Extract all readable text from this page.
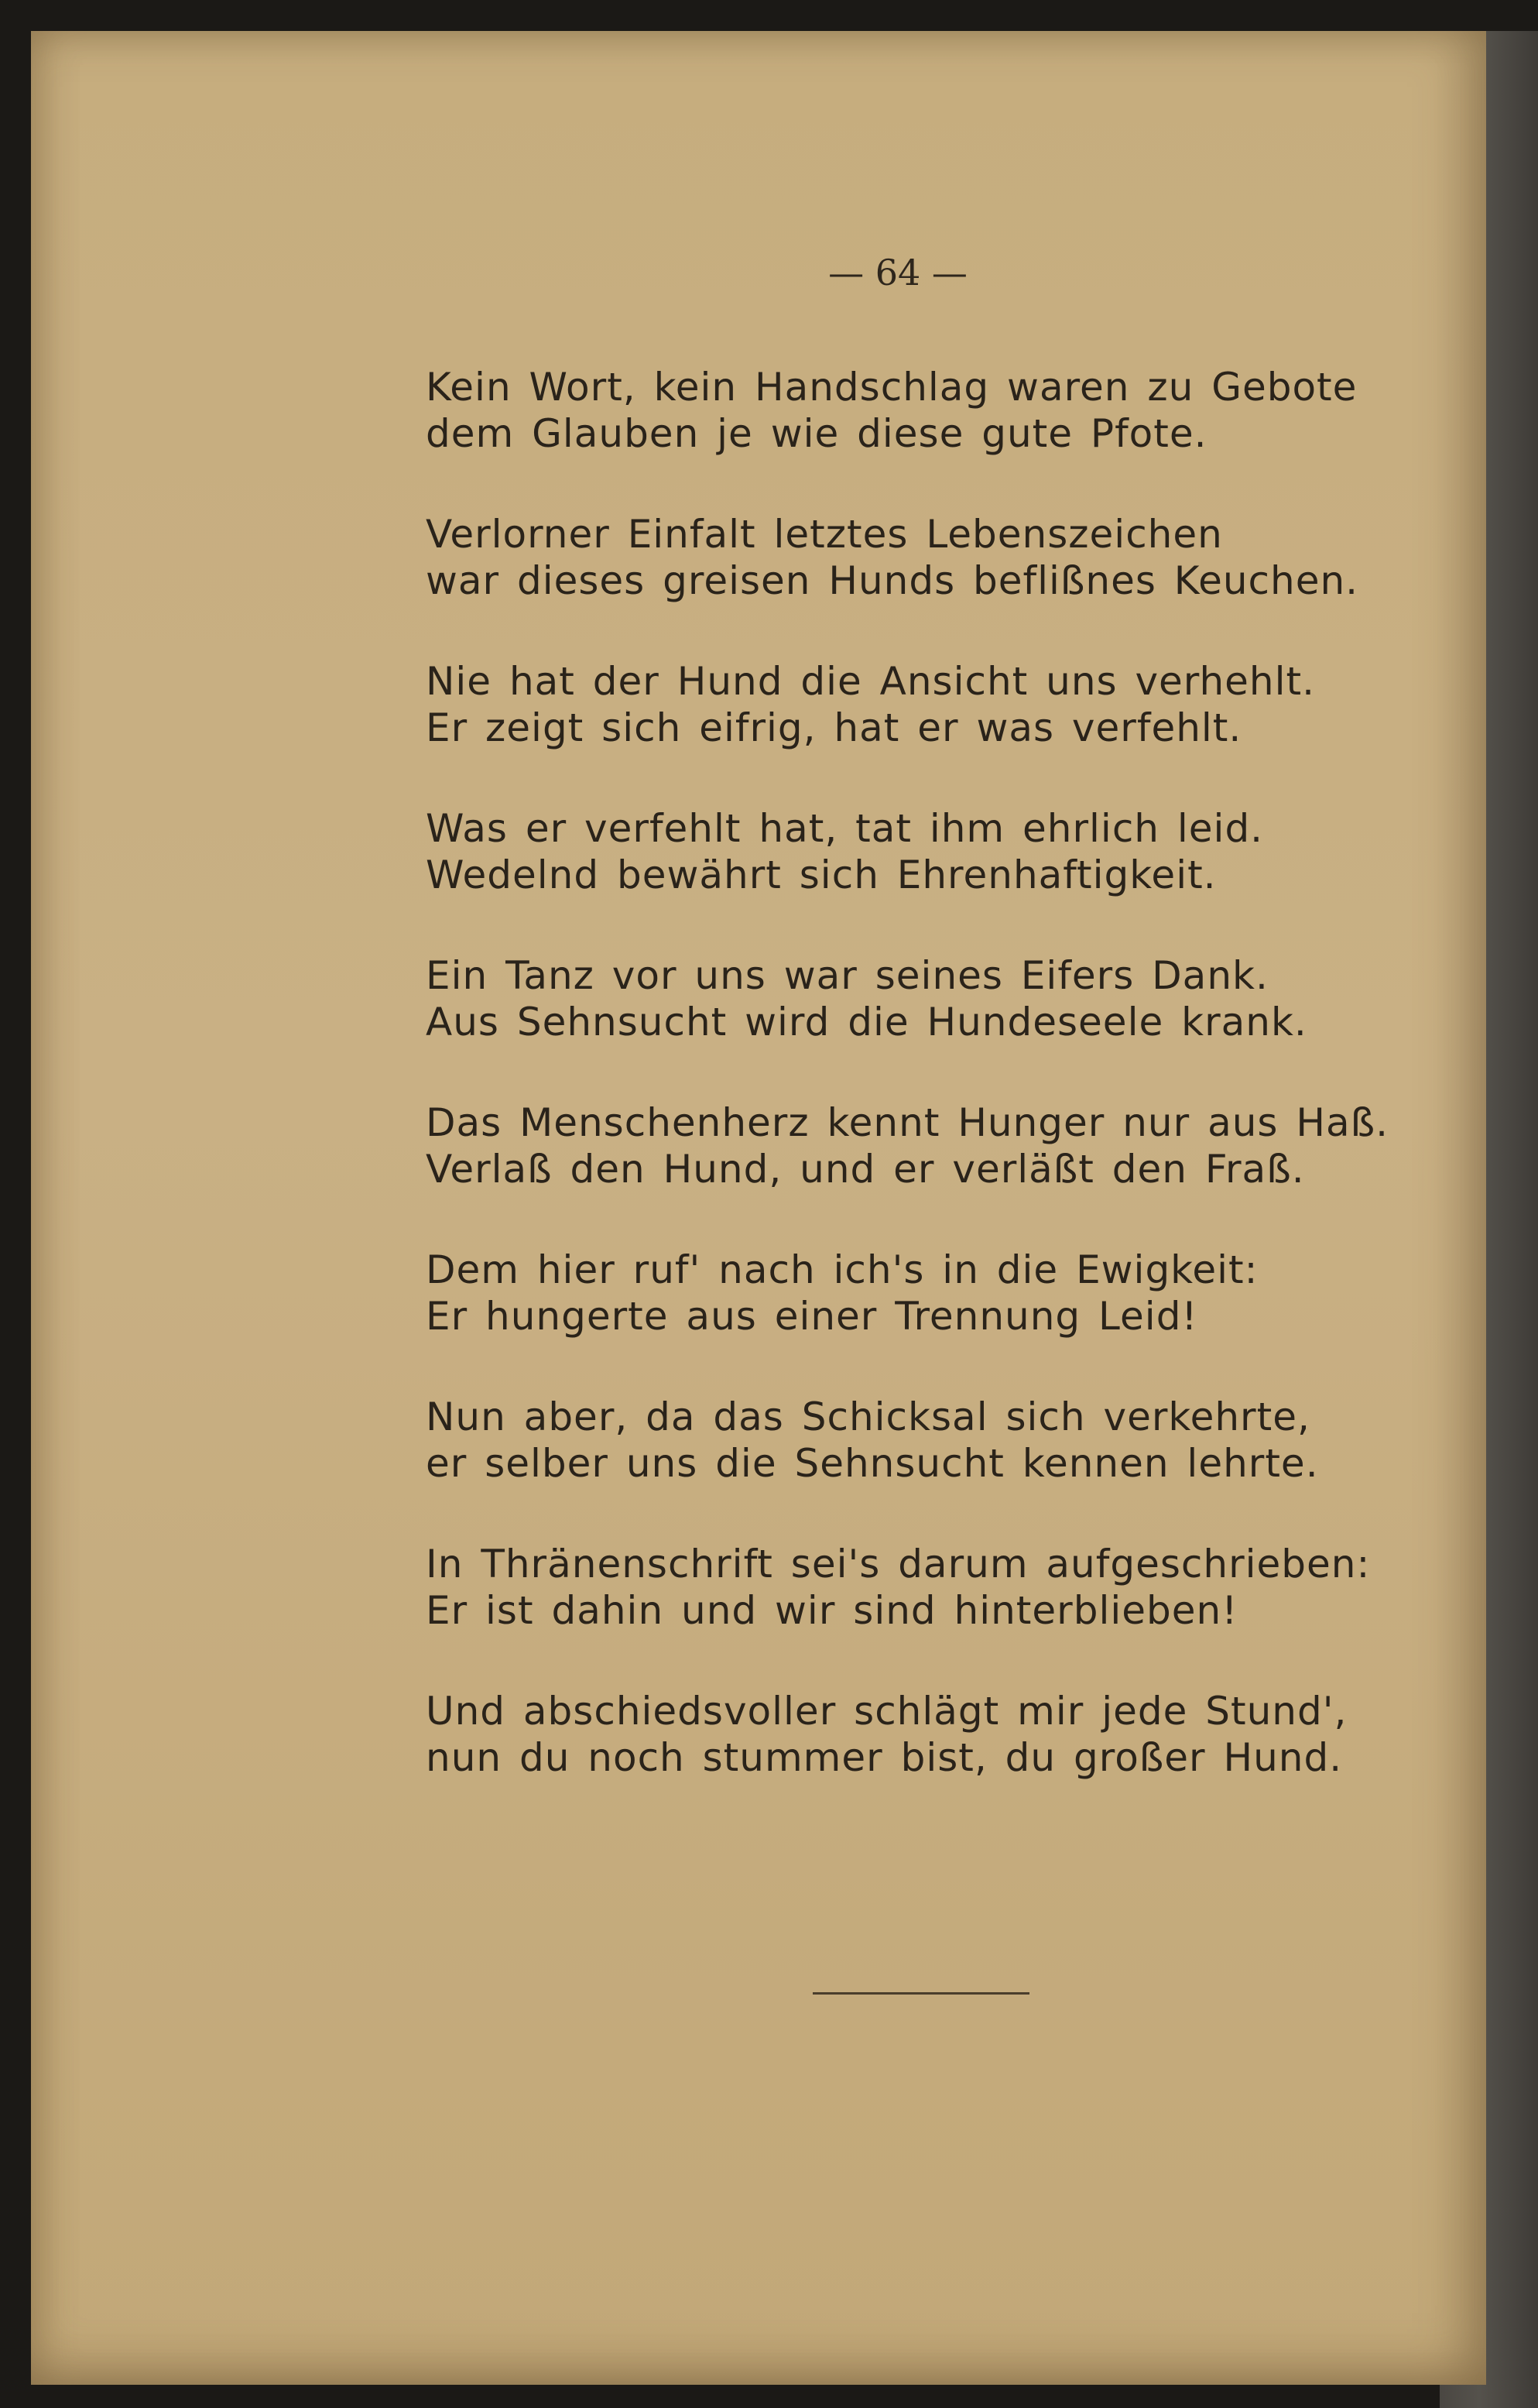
— 64 —

Kein Wort, kein Handschlag waren zu Gebote
dem Glauben je wie diese gute Pfote.
Verlorner Einfalt letztes Lebenszeichen
war dieses greisen Hunds beflißnes Keuchen.
Nie hat der Hund die Ansicht uns verhehlt.
Er zeigt sich eifrig, hat er was verfehlt.
Was er verfehlt hat, tat ihm ehrlich leid.
Wedelnd bewährt sich Ehrenhaftigkeit.
Ein Tanz vor uns war seines Eifers Dank.
Aus Sehnsucht wird die Hundeseele krank.
Das Menschenherz kennt Hunger nur aus Haß.
Verlaß den Hund, und er verläßt den Fraß.
Dem hier ruf' nach ich's in die Ewigkeit:
Er hungerte aus einer Trennung Leid!
Nun aber, da das Schicksal sich verkehrte,
er selber uns die Sehnsucht kennen lehrte.
In Thränenschrift sei's darum aufgeschrieben:
Er ist dahin und wir sind hinterblieben!
Und abschiedsvoller schlägt mir jede Stund',
nun du noch stummer bist, du großer Hund.
